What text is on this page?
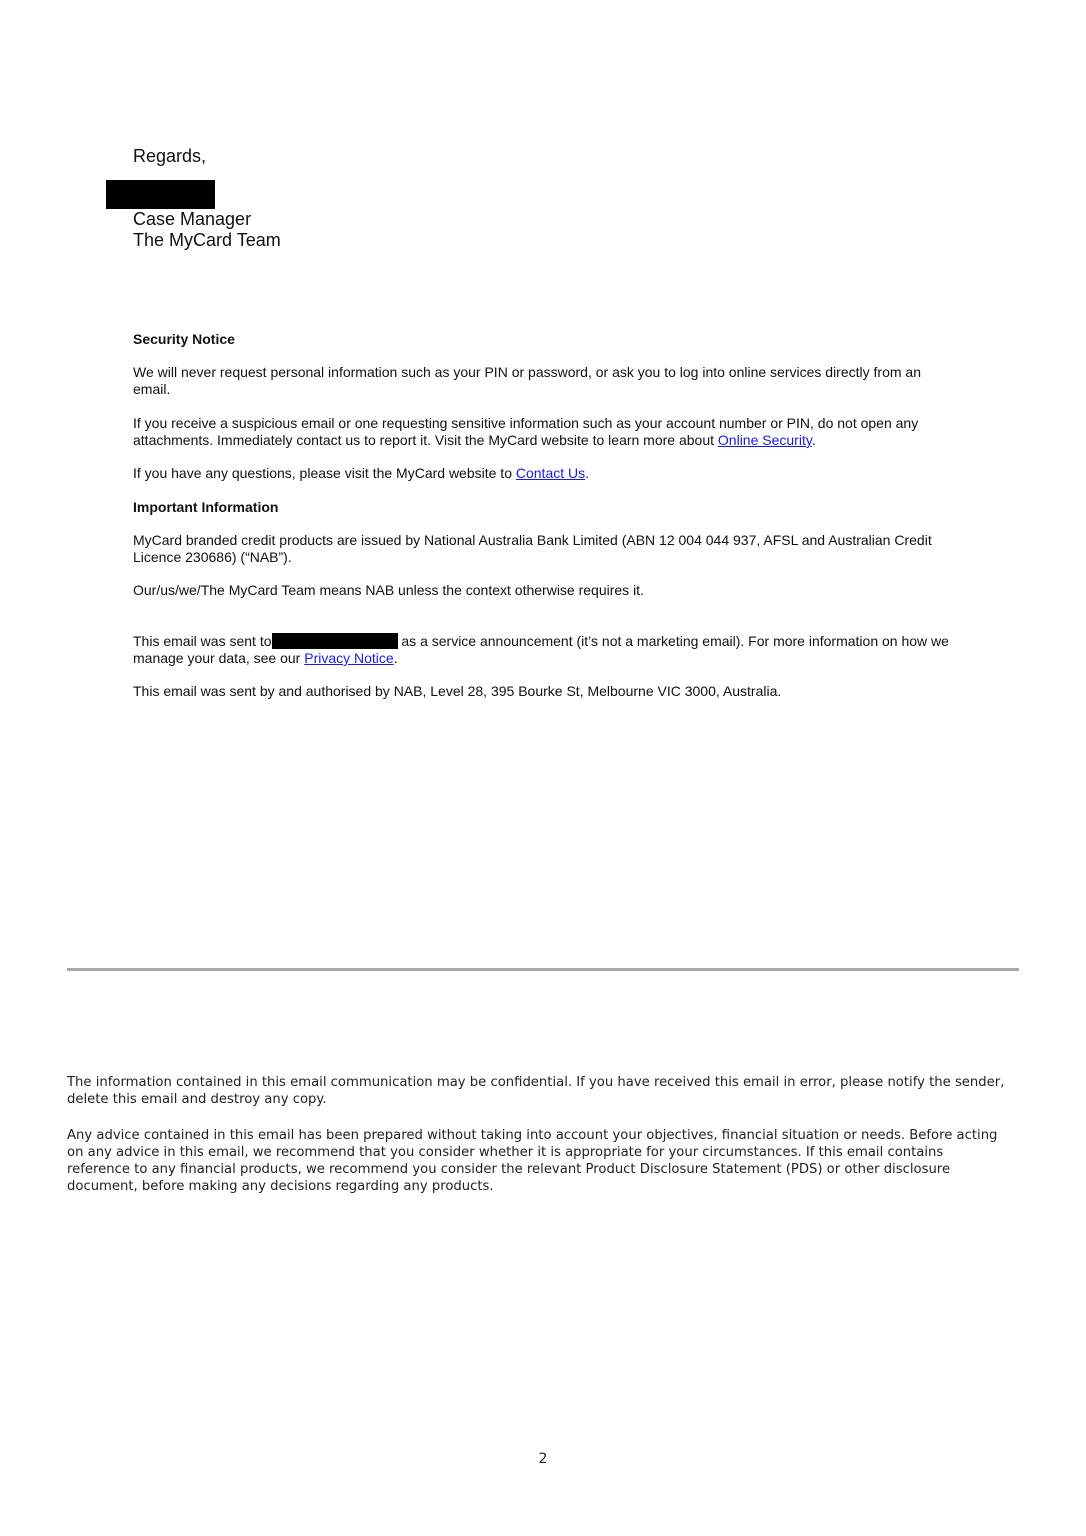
Regards,
Case Manager
The MyCard Team
Security Notice
We will never request personal information such as your PIN or password, or ask you to log into online services directly from an email.
If you receive a suspicious email or one requesting sensitive information such as your account number or PIN, do not open any attachments. Immediately contact us to report it. Visit the MyCard website to learn more about Online Security.
If you have any questions, please visit the MyCard website to Contact Us.
Important Information
MyCard branded credit products are issued by National Australia Bank Limited (ABN 12 004 044 937, AFSL and Australian Credit Licence 230686) (“NAB”).
Our/us/we/The MyCard Team means NAB unless the context otherwise requires it.
This email was sent to	as a service announcement (it’s not a marketing email). For more information on how we manage your data, see our Privacy Notice.
This email was sent by and authorised by NAB, Level 28, 395 Bourke St, Melbourne VIC 3000, Australia.
The information contained in this email communication may be confidential. If you have received this email in error, please notify the sender, delete this email and destroy any copy.
Any advice contained in this email has been prepared without taking into account your objectives, financial situation or needs. Before acting on any advice in this email, we recommend that you consider whether it is appropriate for your circumstances. If this email contains reference to any financial products, we recommend you consider the relevant Product Disclosure Statement (PDS) or other disclosure document, before making any decisions regarding any products.
2
